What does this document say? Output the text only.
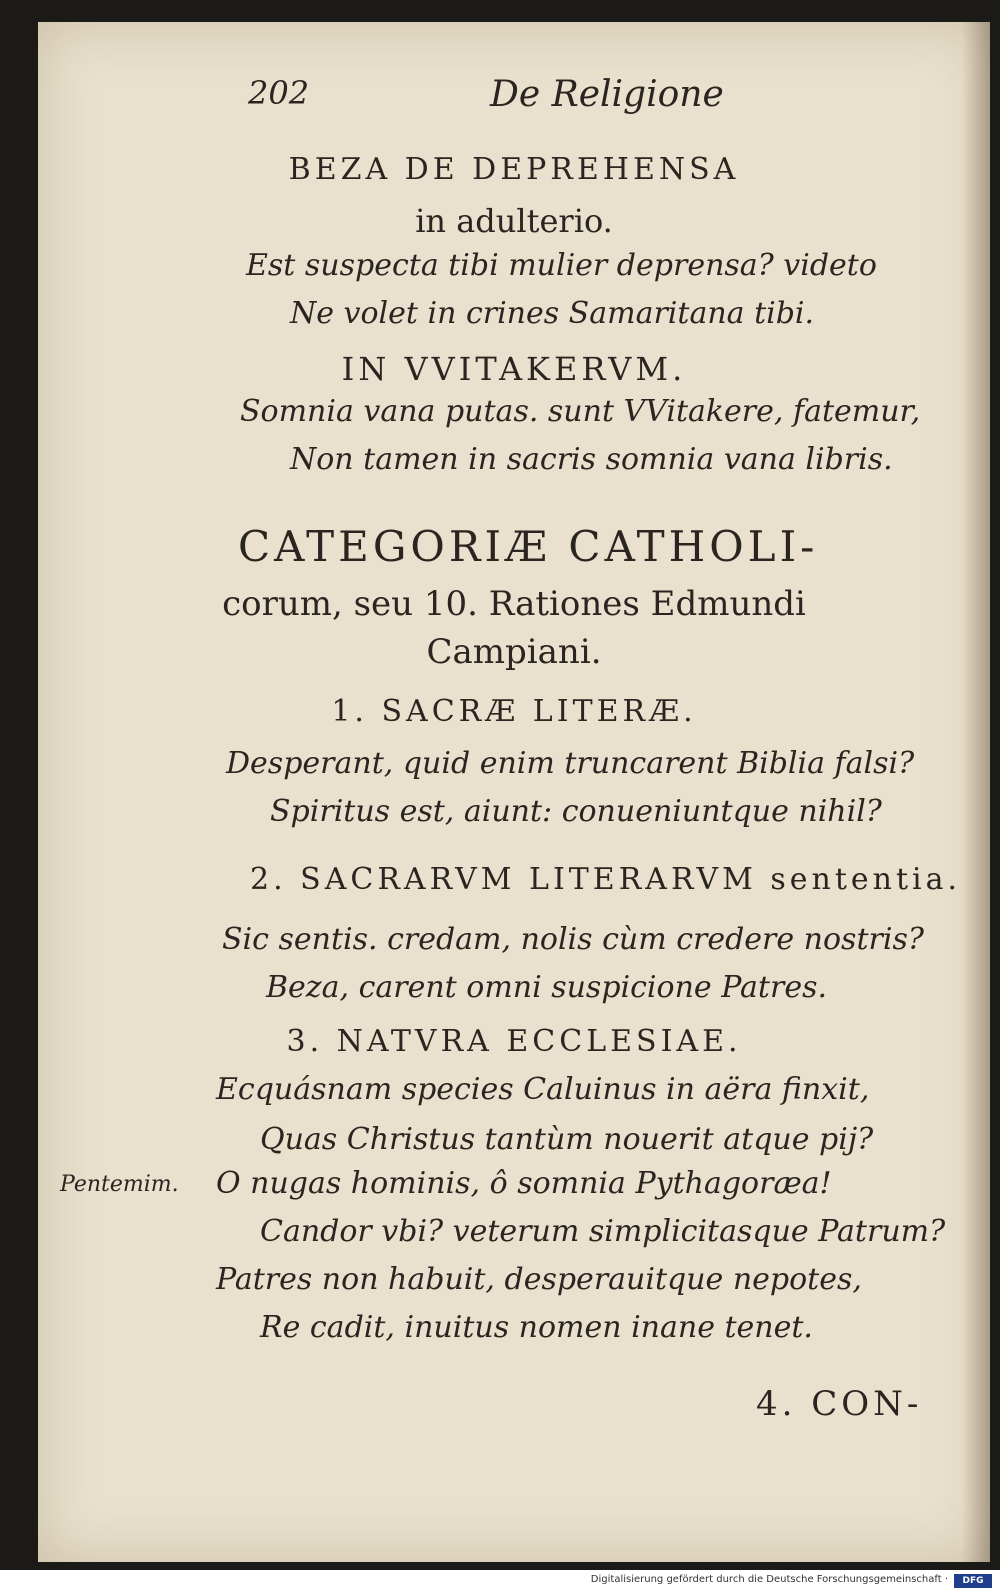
202	De Religione
BEZA DE DEPREHENSA
in adulterio.
Est suspecta tibi mulier deprensa? videto
Ne volet in crines Samaritana tibi.
IN VVITAKERVM.
Somnia vana putas. sunt VVitakere, fatemur,
Non tamen in sacris somnia vana libris.
CATEGORIÆ CATHOLI-
corum, seu 10. Rationes Edmundi
Campiani.
1. SACRÆ LITERÆ.
Desperant, quid enim truncarent Biblia falsi?
Spiritus est, aiunt: conueniuntque nihil?
2. SACRARVM LITERARVM sententia.
Sic sentis. credam, nolis cùm credere nostris?
Beza, carent omni suspicione Patres.
3. NATVRA ECCLESIAE.
Ecquásnam species Caluinus in aëra finxit,
Quas Christus tantùm nouerit atque pij?
Pentemim. O nugas hominis, ô somnia Pythagoræa!
Candor vbi? veterum simplicitasque Patrum?
Patres non habuit, desperauitque nepotes,
Re cadit, inuitus nomen inane tenet.
4. CON-
Digitalisierung gefördert durch die Deutsche Forschungsgemeinschaft ·	DFG
